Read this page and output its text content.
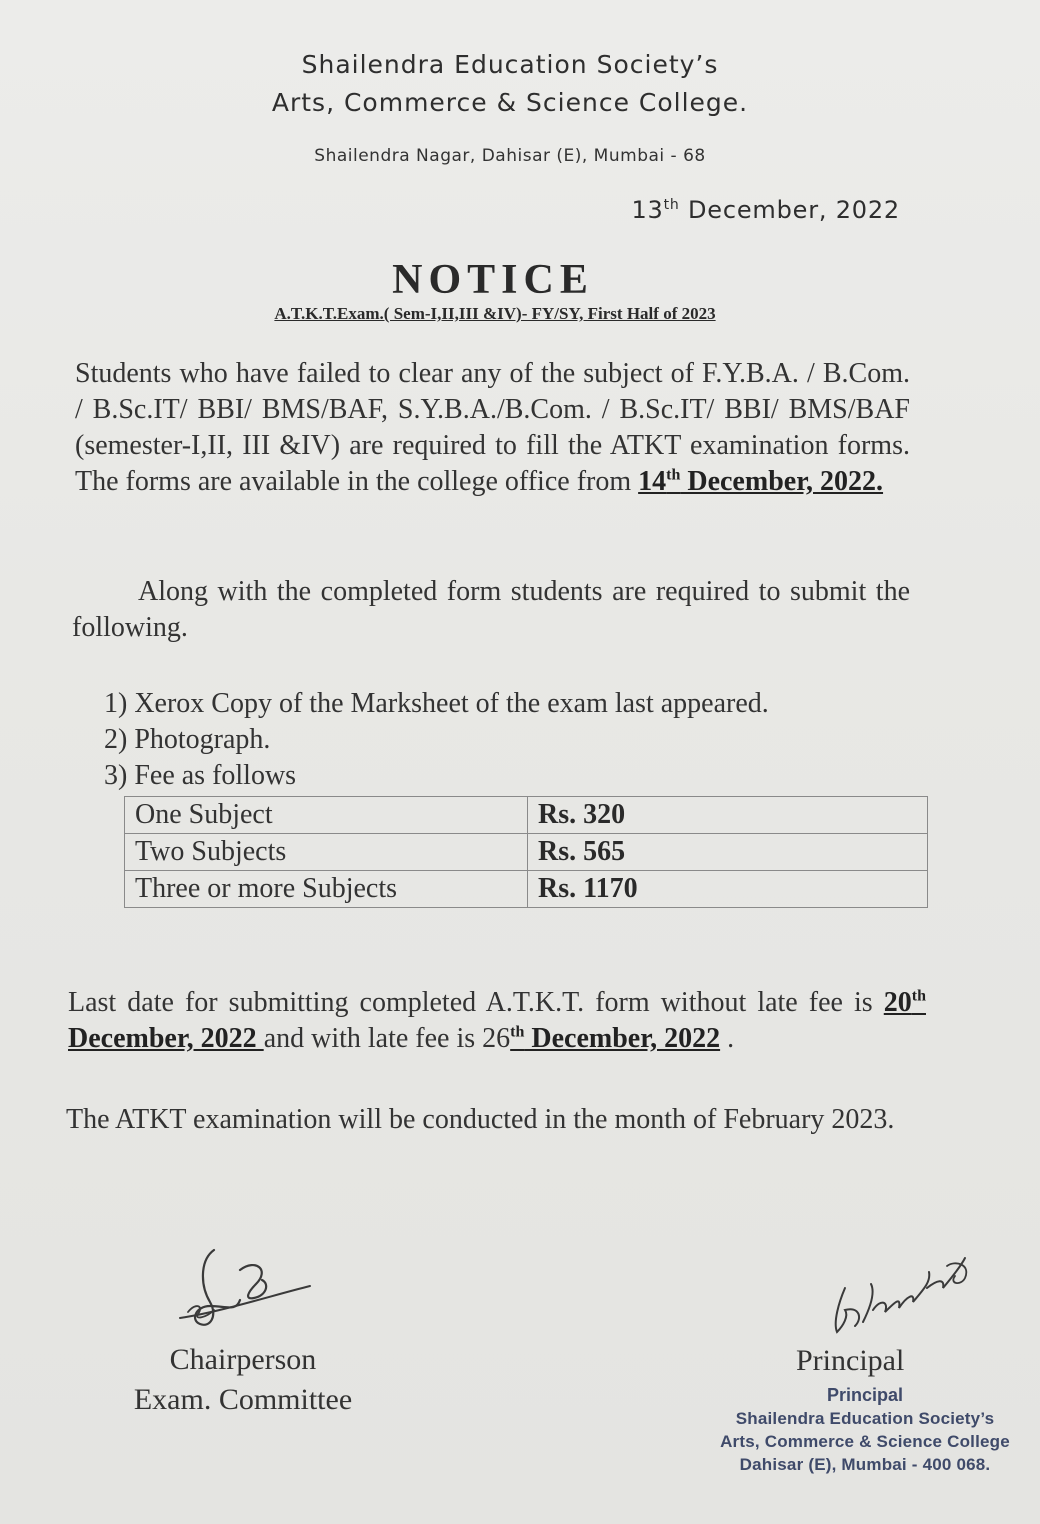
Shailendra Education Society’s
Arts, Commerce & Science College.
Shailendra Nagar, Dahisar (E), Mumbai - 68
13th December, 2022
NOTICE
A.T.K.T.Exam.( Sem-I,II,III &IV)- FY/SY, First Half of 2023
Students who have failed to clear any of the subject of F.Y.B.A. / B.Com. / B.Sc.IT/ BBI/ BMS/BAF, S.Y.B.A./B.Com. / B.Sc.IT/ BBI/ BMS/BAF (semester-I,II, III &IV) are required to fill the ATKT examination forms. The forms are available in the college office from 14th December, 2022.
Along with the completed form students are required to submit the following.
1) Xerox Copy of the Marksheet of the exam last appeared.
2) Photograph.
3) Fee as follows
One Subject	Rs. 320
Two Subjects	Rs. 565
Three or more Subjects	Rs. 1170
Last date for submitting completed A.T.K.T. form without late fee is 20th December, 2022 and with late fee is 26th December, 2022 .
The ATKT examination will be conducted in the month of February 2023.
Chairperson
Exam. Committee
Principal
Principal
Shailendra Education Society’s
Arts, Commerce & Science College
Dahisar (E), Mumbai - 400 068.
